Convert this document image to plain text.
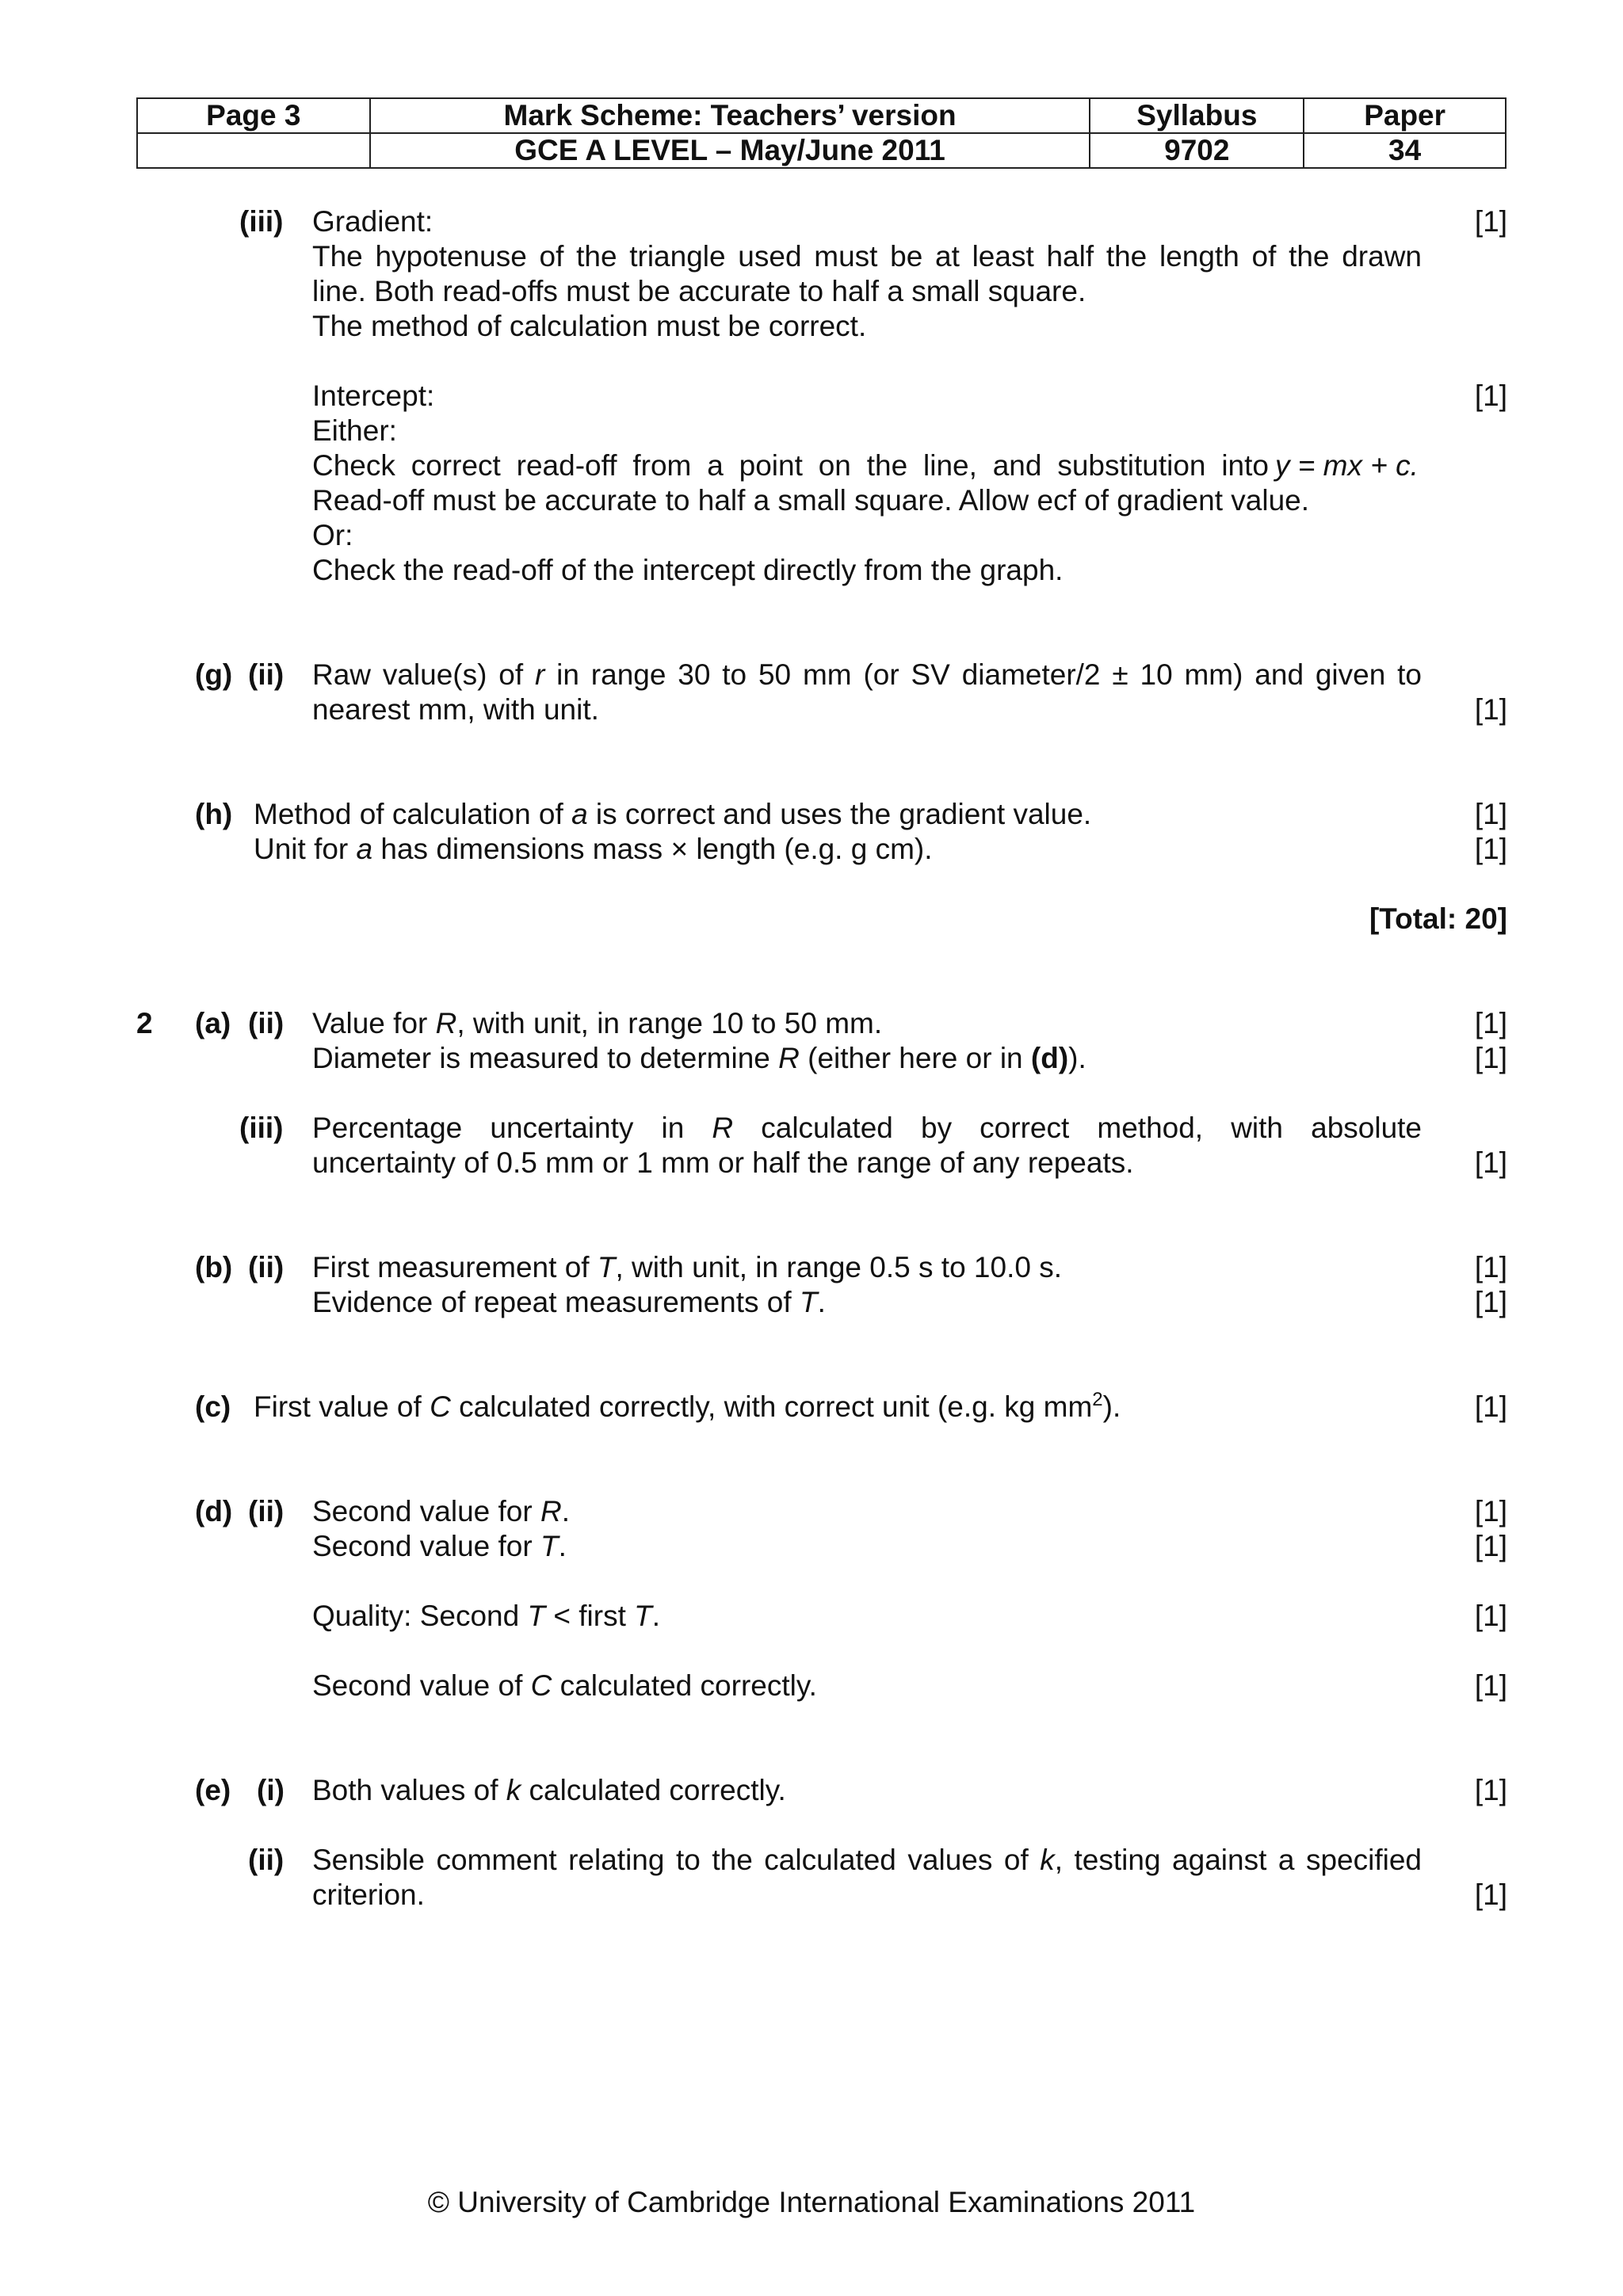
Page 3	Mark Scheme: Teachers’ version	Syllabus	Paper
	GCE A LEVEL – May/June 2011	9702	34
(iii) Gradient:	[1]
The hypotenuse of the triangle used must be at least half the length of the drawn
line. Both read-offs must be accurate to half a small square.
The method of calculation must be correct.
Intercept:	[1]
Either:
Check correct read-off from a point on the line, and substitution into y = mx + c.
Read-off must be accurate to half a small square. Allow ecf of gradient value.
Or:
Check the read-off of the intercept directly from the graph.
(g) (ii) Raw value(s) of r in range 30 to 50 mm (or SV diameter/2 ± 10 mm) and given to
nearest mm, with unit.	[1]
(h) Method of calculation of a is correct and uses the gradient value.	[1]
Unit for a has dimensions mass × length (e.g. g cm).	[1]
[Total: 20]
2 (a) (ii) Value for R, with unit, in range 10 to 50 mm.	[1]
Diameter is measured to determine R (either here or in (d)).	[1]
(iii) Percentage uncertainty in R calculated by correct method, with absolute
uncertainty of 0.5 mm or 1 mm or half the range of any repeats.	[1]
(b) (ii) First measurement of T, with unit, in range 0.5 s to 10.0 s.	[1]
Evidence of repeat measurements of T.	[1]
(c) First value of C calculated correctly, with correct unit (e.g. kg $mm^2$).	[1]
(d) (ii) Second value for R.	[1]
Second value for T.	[1]
Quality: Second T < first T.	[1]
Second value of C calculated correctly.	[1]
(e) (i) Both values of k calculated correctly.	[1]
(ii) Sensible comment relating to the calculated values of k, testing against a specified
criterion.	[1]
© University of Cambridge International Examinations 2011
